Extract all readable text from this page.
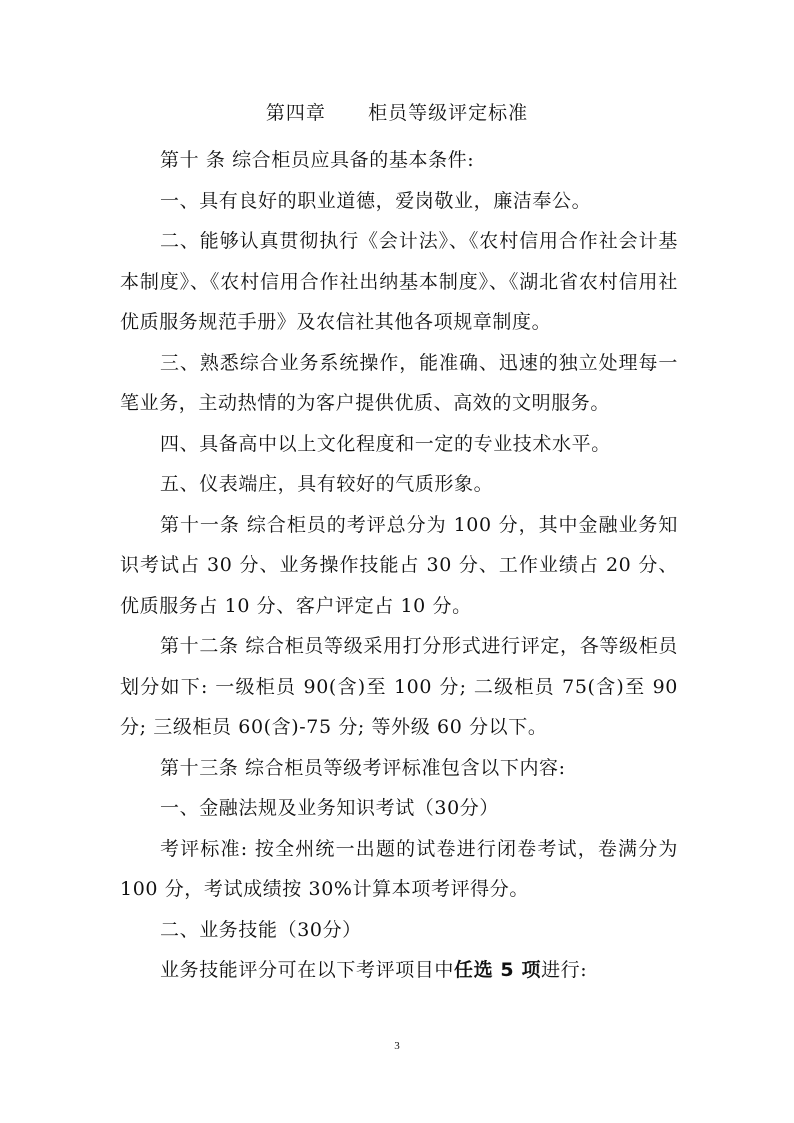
第四章      柜员等级评定标准

第十 条 综合柜员应具备的基本条件:

一、具有良好的职业道德，爱岗敬业，廉洁奉公。

二、能够认真贯彻执行《会计法》、《农村信用合作社会计基本制度》、《农村信用合作社出纳基本制度》、《湖北省农村信用社优质服务规范手册》及农信社其他各项规章制度。

三、熟悉综合业务系统操作，能准确、迅速的独立处理每一笔业务，主动热情的为客户提供优质、高效的文明服务。

四、具备高中以上文化程度和一定的专业技术水平。

五、仪表端庄，具有较好的气质形象。

第十一条 综合柜员的考评总分为 100 分，其中金融业务知识考试占 30 分、业务操作技能占 30 分、工作业绩占 20 分、优质服务占 10 分、客户评定占 10 分。

第十二条 综合柜员等级采用打分形式进行评定，各等级柜员划分如下: 一级柜员 90(含)至 100 分; 二级柜员 75(含)至 90 分; 三级柜员 60(含)-75 分; 等外级 60 分以下。

第十三条 综合柜员等级考评标准包含以下内容:

一、金融法规及业务知识考试（30分）

考评标准: 按全州统一出题的试卷进行闭卷考试，卷满分为 100 分，考试成绩按 30%计算本项考评得分。

二、业务技能（30分）

业务技能评分可在以下考评项目中任选 5 项进行:

3
